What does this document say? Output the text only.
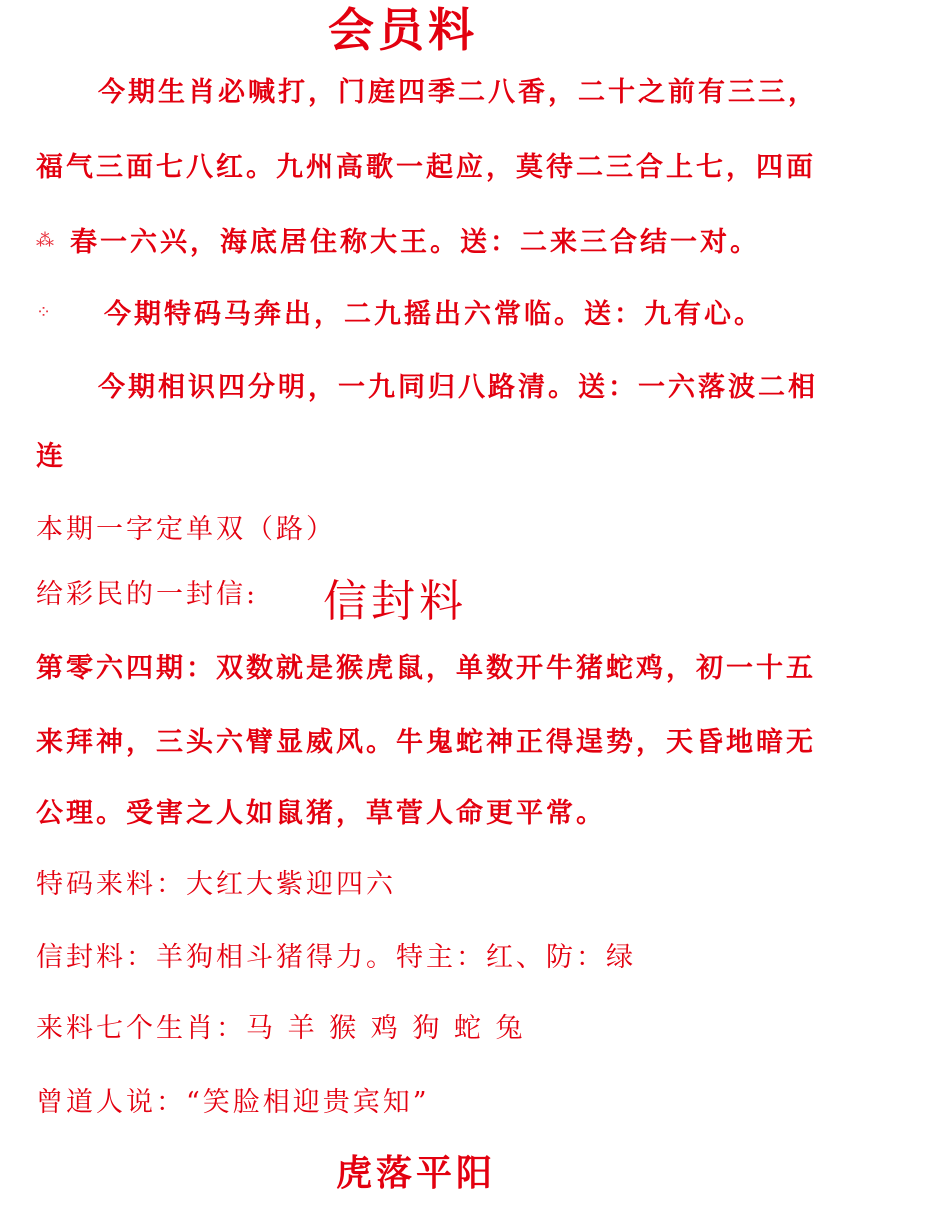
会员料
今期生肖必喊打，门庭四季二八香，二十之前有三三，
福气三面七八红。九州高歌一起应，莫待二三合上七，四面
⁂ 春一六兴，海底居住称大王。送：二来三合结一对。
⁘ 今期特码马奔出，二九摇出六常临。送：九有心。
今期相识四分明，一九同归八路清。送：一六落波二相
连
本期一字定单双（路）
给彩民的一封信: 信封料
第零六四期：双数就是猴虎鼠，单数开牛猪蛇鸡，初一十五
来拜神，三头六臂显威风。牛鬼蛇神正得逞势，天昏地暗无
公理。受害之人如鼠猪，草菅人命更平常。
特码来料：大红大紫迎四六
信封料：羊狗相斗猪得力。特主：红、防：绿
来料七个生肖：马 羊 猴 鸡 狗 蛇 兔
曾道人说：“笑脸相迎贵宾知”
虎落平阳
